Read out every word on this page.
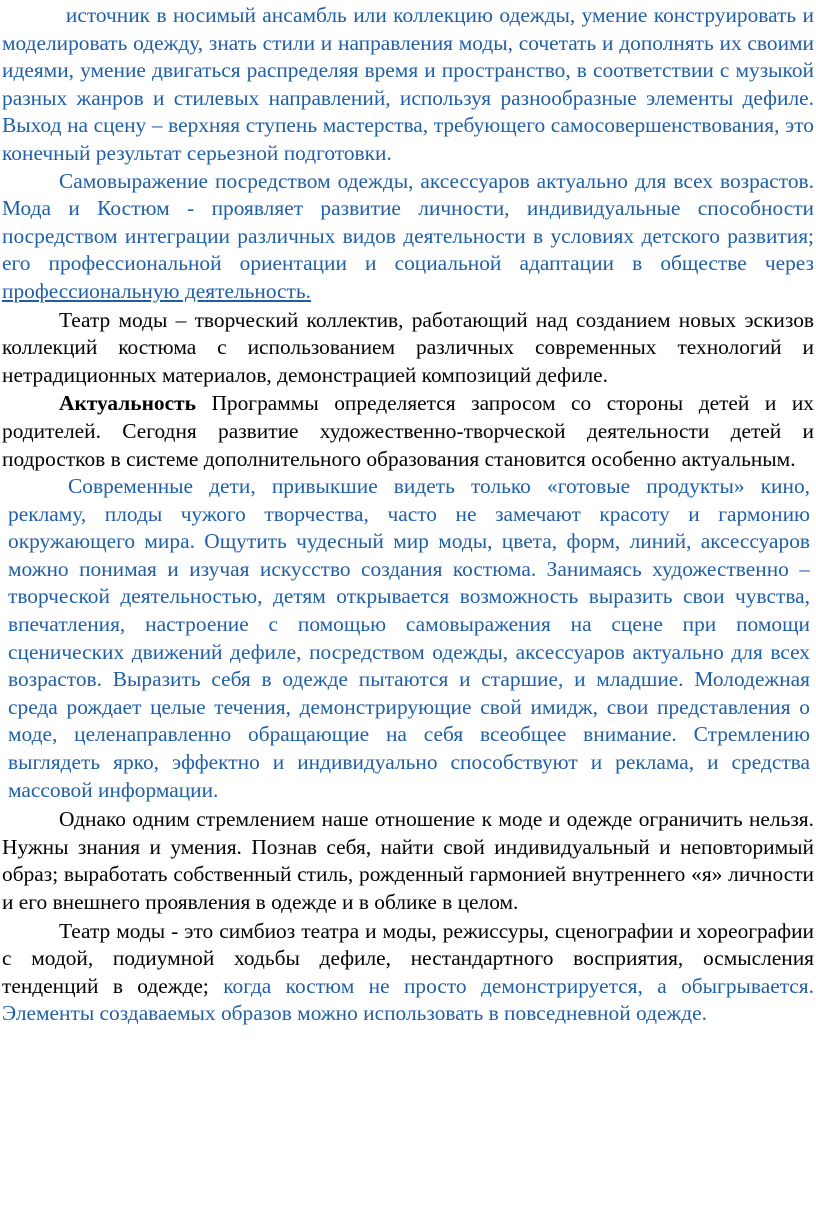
источник в носимый ансамбль или коллекцию одежды, умение конструировать и моделировать одежду, знать стили и направления моды, сочетать и дополнять их своими идеями, умение двигаться распределяя время и пространство, в соответствии с музыкой разных жанров и стилевых направлений, используя разнообразные элементы дефиле. Выход на сцену – верхняя ступень мастерства, требующего самосовершенствования, это конечный результат серьезной подготовки.

Самовыражение посредством одежды, аксессуаров актуально для всех возрастов. Мода и Костюм - проявляет развитие личности, индивидуальные способности посредством интеграции различных видов деятельности в условиях детского развития; его профессиональной ориентации и социальной адаптации в обществе через профессиональную деятельность.

Театр моды – творческий коллектив, работающий над созданием новых эскизов коллекций костюма с использованием различных современных технологий и нетрадиционных материалов, демонстрацией композиций дефиле.

Актуальность Программы определяется запросом со стороны детей и их родителей. Сегодня развитие художественно-творческой деятельности детей и подростков в системе дополнительного образования становится особенно актуальным.

Современные дети, привыкшие видеть только «готовые продукты» кино, рекламу, плоды чужого творчества, часто не замечают красоту и гармонию окружающего мира. Ощутить чудесный мир моды, цвета, форм, линий, аксессуаров можно понимая и изучая искусство создания костюма. Занимаясь художественно – творческой деятельностью, детям открывается возможность выразить свои чувства, впечатления, настроение с помощью самовыражения на сцене при помощи сценических движений дефиле, посредством одежды, аксессуаров актуально для всех возрастов. Выразить себя в одежде пытаются и старшие, и младшие. Молодежная среда рождает целые течения, демонстрирующие свой имидж, свои представления о моде, целенаправленно обращающие на себя всеобщее внимание. Стремлению выглядеть ярко, эффектно и индивидуально способствуют и реклама, и средства массовой информации.

Однако одним стремлением наше отношение к моде и одежде ограничить нельзя. Нужны знания и умения. Познав себя, найти свой индивидуальный и неповторимый образ; выработать собственный стиль, рожденный гармонией внутреннего «я» личности и его внешнего проявления в одежде и в облике в целом.

Театр моды - это симбиоз театра и моды, режиссуры, сценографии и хореографии с модой, подиумной ходьбы дефиле, нестандартного восприятия, осмысления тенденций в одежде; когда костюм не просто демонстрируется, а обыгрывается. Элементы создаваемых образов можно использовать в повседневной одежде.
